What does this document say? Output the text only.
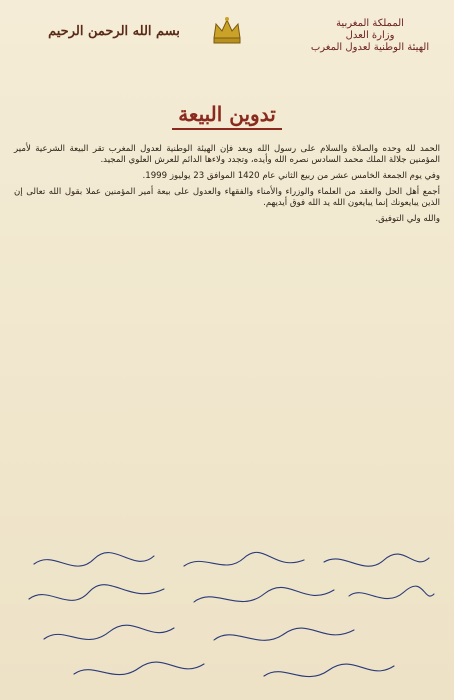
المملكة المغربية
وزارة العدل
الهيئة الوطنية لعدول المغرب
بسم الله الرحمن الرحيم
تدوين البيعة

الحمد لله وحده والصلاة والسلام على رسول الله وبعد فإن الهيئة الوطنية لعدول المغرب تقر البيعة الشرعية لأمير المؤمنين جلالة الملك محمد السادس نصره الله وأيده، وتجدد ولاءها الدائم للعرش العلوي المجيد.

وفي يوم الجمعة الخامس عشر من ربيع الثاني عام 1420 الموافق 23 يوليوز 1999.

أجمع أهل الحل والعقد من العلماء والوزراء والأمناء والفقهاء والعدول على بيعة أمير المؤمنين عملا بقول الله تعالى إن الذين يبايعونك إنما يبايعون الله يد الله فوق أيديهم.

والله ولي التوفيق.
